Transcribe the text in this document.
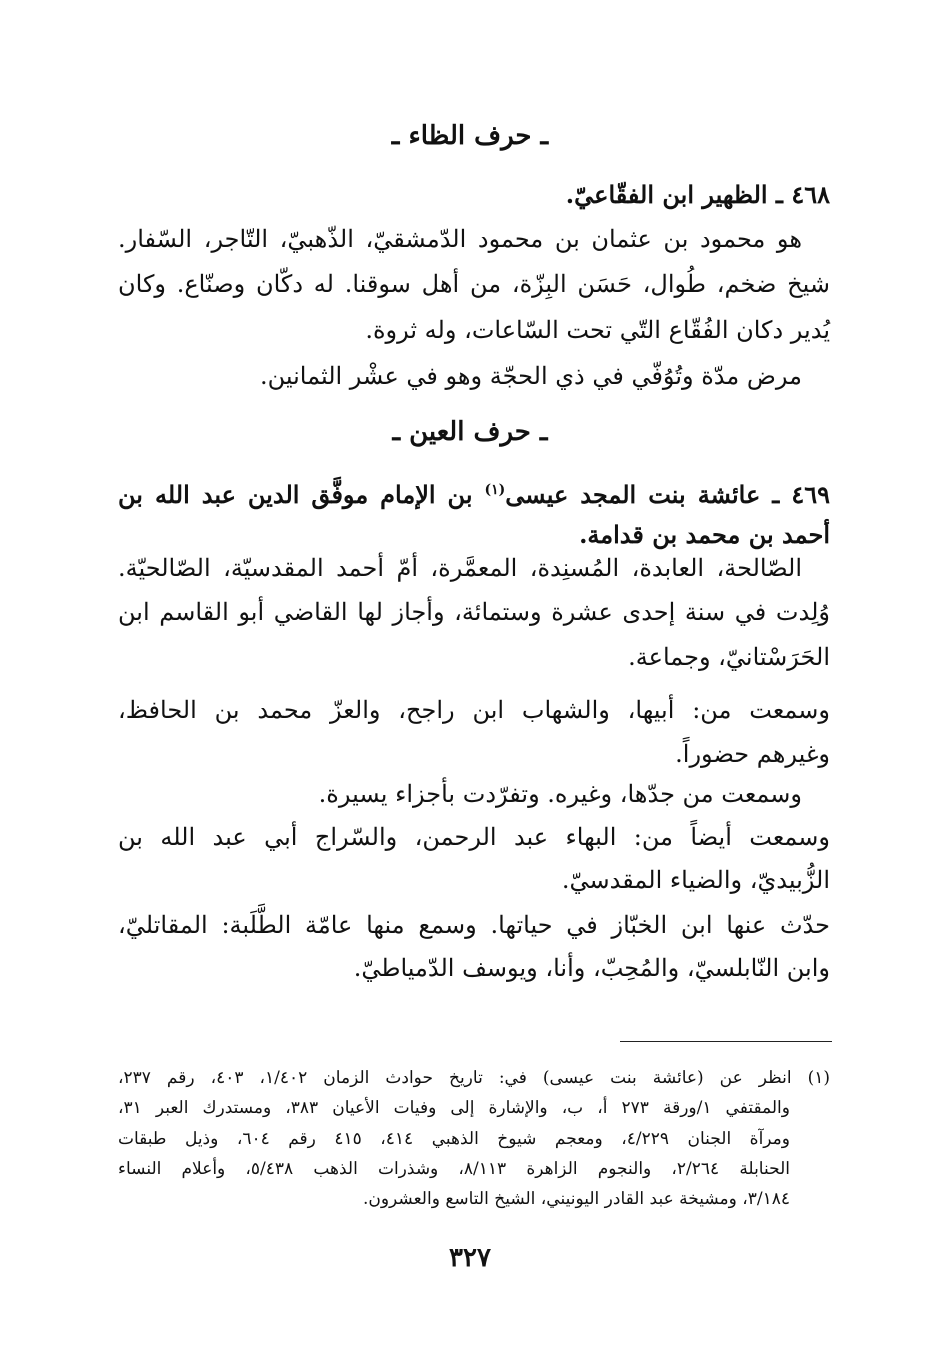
ـ حرف الظاء ـ
٤٦٨ ـ الظهير ابن الفقّاعيّ.
هو محمود بن عثمان بن محمود الدّمشقيّ، الذّهبيّ، التّاجر، السّفار.
شيخ ضخم، طُوال، حَسَن البِزّة، من أهل سوقنا. له دكّان وصنّاع. وكان
يُدير دكان الفُقّاع التّي تحت السّاعات، وله ثروة.
مرض مدّة وتُوُفّي في ذي الحجّة وهو في عشْر الثمانين.
ـ حرف العين ـ
٤٦٩ ـ عائشة بنت المجد عيسى$^{(١)}$ بن الإمام موفَّق الدين عبد الله بن
أحمد بن محمد بن قدامة.
الصّالحة، العابدة، المُسنِدة، المعمَّرة، أمّ أحمد المقدسيّة، الصّالحيّة.
وُلِدت في سنة إحدى عشرة وستمائة، وأجاز لها القاضي أبو القاسم ابن
الحَرَسْتانيّ، وجماعة.
وسمعت من: أبيها، والشهاب ابن راجح، والعزّ محمد بن الحافظ،
وغيرهم حضوراً.
وسمعت من جدّها، وغيره. وتفرّدت بأجزاء يسيرة.
وسمعت أيضاً من: البهاء عبد الرحمن، والسّراج أبي عبد الله بن
الزُّبيديّ، والضياء المقدسيّ.
حدّث عنها ابن الخبّاز في حياتها. وسمع منها عامّة الطَّلَبة: المقاتليّ،
وابن النّابلسيّ، والمُحِبّ، وأنا، ويوسف الدّمياطيّ.
(١) انظر عن (عائشة بنت عيسى) في: تاريخ حوادث الزمان ١/٤٠٢، ٤٠٣، رقم ٢٣٧،
والمقتفي ١/ورقة ٢٧٣ أ، ب، والإشارة إلى وفيات الأعيان ٣٨٣، ومستدرك العبر ٣١،
ومرآة الجنان ٤/٢٢٩، ومعجم شيوخ الذهبي ٤١٤، ٤١٥ رقم ٦٠٤، وذيل طبقات
الحنابلة ٢/٢٦٤، والنجوم الزاهرة ٨/١١٣، وشذرات الذهب ٥/٤٣٨، وأعلام النساء
٣/١٨٤، ومشيخة عبد القادر اليونيني، الشيخ التاسع والعشرون.
٣٢٧
